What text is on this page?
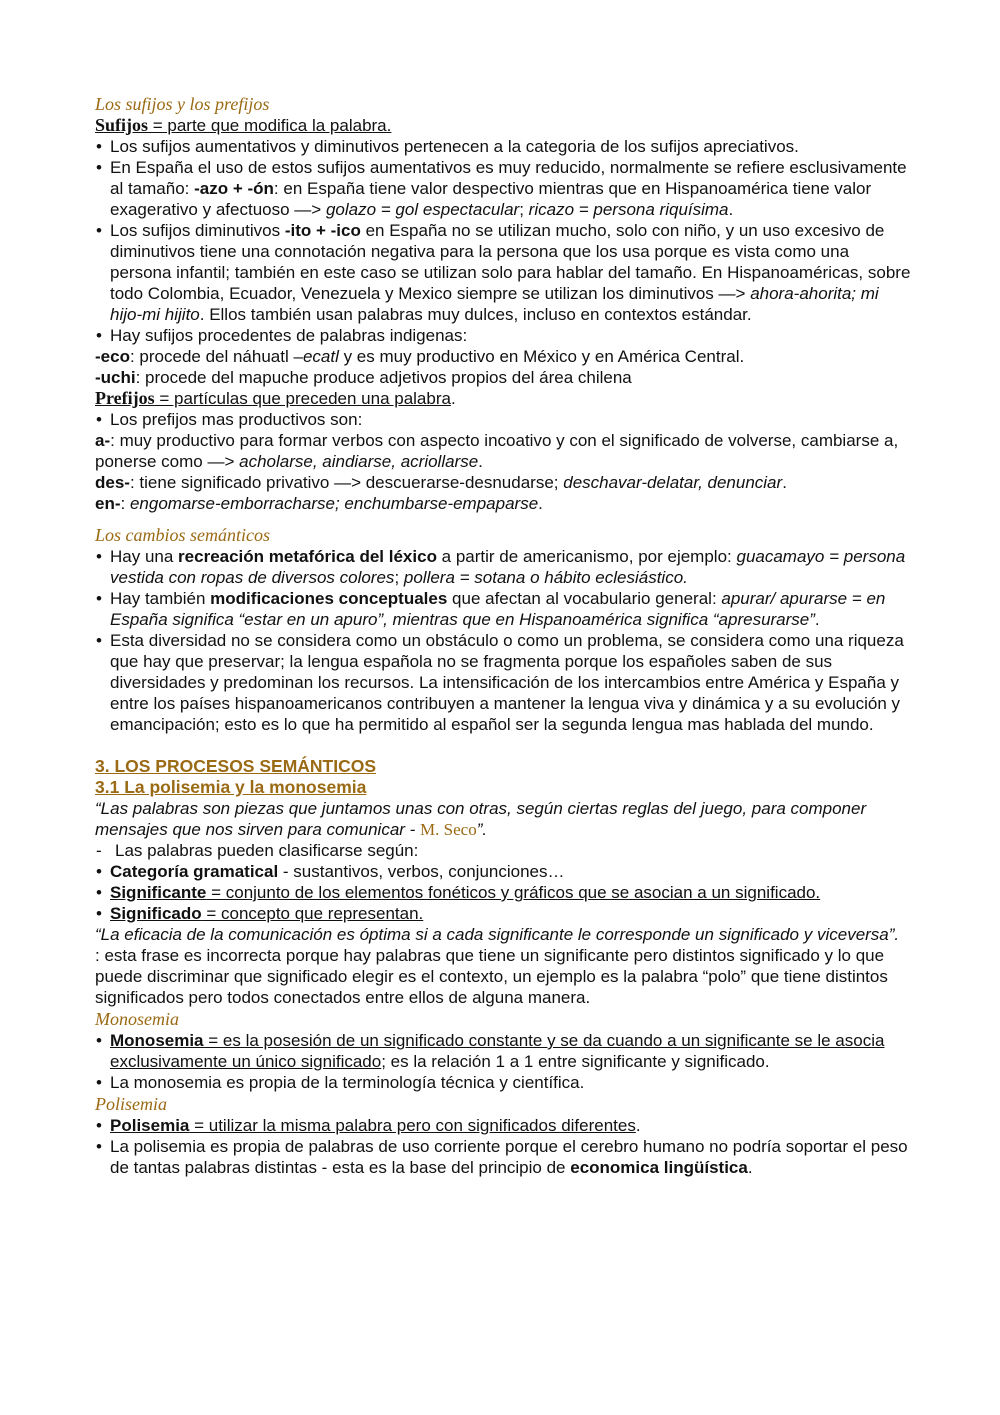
Los sufijos y los prefijos

Sufijos = parte que modifica la palabra.

• Los sufijos aumentativos y diminutivos pertenecen a la categoria de los sufijos apreciativos.

• En España el uso de estos sufijos aumentativos es muy reducido, normalmente se refiere esclusivamente al tamaño: -azo + -ón: en España tiene valor despectivo mientras que en Hispanoamérica tiene valor exagerativo y afectuoso —> golazo = gol espectacular; ricazo = persona riquísima.

• Los sufijos diminutivos -ito + -ico en España no se utilizan mucho, solo con niño, y un uso excesivo de diminutivos tiene una connotación negativa para la persona que los usa porque es vista como una persona infantil; también en este caso se utilizan solo para hablar del tamaño. En Hispanoaméricas, sobre todo Colombia, Ecuador, Venezuela y Mexico siempre se utilizan los diminutivos —> ahora-ahorita; mi hijo-mi hijito. Ellos también usan palabras muy dulces, incluso en contextos estándar.

• Hay sufijos procedentes de palabras indigenas:

-eco: procede del náhuatl –ecatl y es muy productivo en México y en América Central.

-uchi: procede del mapuche produce adjetivos propios del área chilena

Prefijos = partículas que preceden una palabra.

• Los prefijos mas productivos son:

a-: muy productivo para formar verbos con aspecto incoativo y con el significado de volverse, cambiarse a, ponerse como —> acholarse, aindiarse, acriollarse.

des-: tiene significado privativo —> descuerarse-desnudarse; deschavar-delatar, denunciar.

en-: engomarse-emborracharse; enchumbarse-empaparse.

Los cambios semánticos

• Hay una recreación metafórica del léxico a partir de americanismo, por ejemplo: guacamayo = persona vestida con ropas de diversos colores; pollera = sotana o hábito eclesiástico.

• Hay también modificaciones conceptuales que afectan al vocabulario general: apurar/ apurarse = en España significa “estar en un apuro”, mientras que en Hispanoamérica significa “apresurarse”.

• Esta diversidad no se considera como un obstáculo o como un problema, se considera como una riqueza que hay que preservar; la lengua española no se fragmenta porque los españoles saben de sus diversidades y predominan los recursos. La intensificación de los intercambios entre América y España y entre los países hispanoamericanos contribuyen a mantener la lengua viva y dinámica y a su evolución y emancipación; esto es lo que ha permitido al español ser la segunda lengua mas hablada del mundo.

3. LOS PROCESOS SEMÁNTICOS

3.1 La polisemia y la monosemia

“Las palabras son piezas que juntamos unas con otras, según ciertas reglas del juego, para componer mensajes que nos sirven para comunicar - M. Seco”.

- Las palabras pueden clasificarse según:

• Categoría gramatical - sustantivos, verbos, conjunciones…

• Significante = conjunto de los elementos fonéticos y gráficos que se asocian a un significado.

• Significado = concepto que representan.

“La eficacia de la comunicación es óptima si a cada significante le corresponde un significado y viceversa”.

: esta frase es incorrecta porque hay palabras que tiene un significante pero distintos significado y lo que puede discriminar que significado elegir es el contexto, un ejemplo es la palabra “polo” que tiene distintos significados pero todos conectados entre ellos de alguna manera.

Monosemia

• Monosemia = es la posesión de un significado constante y se da cuando a un significante se le asocia exclusivamente un único significado; es la relación 1 a 1 entre significante y significado.

• La monosemia es propia de la terminología técnica y científica.

Polisemia

• Polisemia = utilizar la misma palabra pero con significados diferentes.

• La polisemia es propia de palabras de uso corriente porque el cerebro humano no podría soportar el peso de tantas palabras distintas - esta es la base del principio de economica lingüística.
